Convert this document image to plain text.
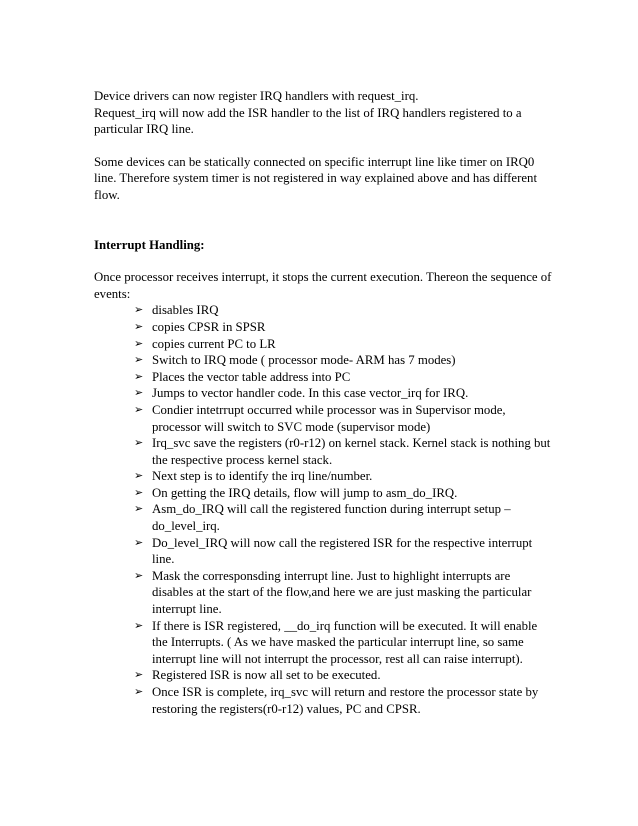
Device drivers can now register IRQ handlers with request_irq.

Request_irq will now add the ISR handler to the list of IRQ handlers registered to a particular IRQ line.

Some devices can be statically connected on specific interrupt line like timer on IRQ0 line. Therefore system timer is not registered in way explained above and has different flow.

Interrupt Handling:

Once processor receives interrupt, it stops the current execution. Thereon the sequence of events:

➢ disables IRQ
➢ copies CPSR in SPSR
➢ copies current PC to LR
➢ Switch to IRQ mode ( processor mode- ARM has 7 modes)
➢ Places the vector table address into PC
➢ Jumps to vector handler code. In this case vector_irq for IRQ.
➢ Condier intetrrupt occurred while processor was in Supervisor mode, processor will switch to SVC mode (supervisor mode)
➢ Irq_svc save the registers (r0-r12) on kernel stack. Kernel stack is nothing but the respective process kernel stack.
➢ Next step is to identify the irq line/number.
➢ On getting the IRQ details, flow will jump to asm_do_IRQ.
➢ Asm_do_IRQ will call the registered function during interrupt setup – do_level_irq.
➢ Do_level_IRQ will now call the registered ISR for the respective interrupt line.
➢ Mask the corresponsding interrupt line. Just to highlight interrupts are disables at the start of the flow,and here we are just masking the particular interrupt line.
➢ If there is ISR registered, __do_irq function will be executed. It will enable the Interrupts. ( As we have masked the particular interrupt line, so same interrupt line will not interrupt the processor, rest all can raise interrupt).
➢ Registered ISR is now all set to be executed.
➢ Once ISR is complete, irq_svc will return and restore the processor state by restoring the registers(r0-r12) values, PC and CPSR.
